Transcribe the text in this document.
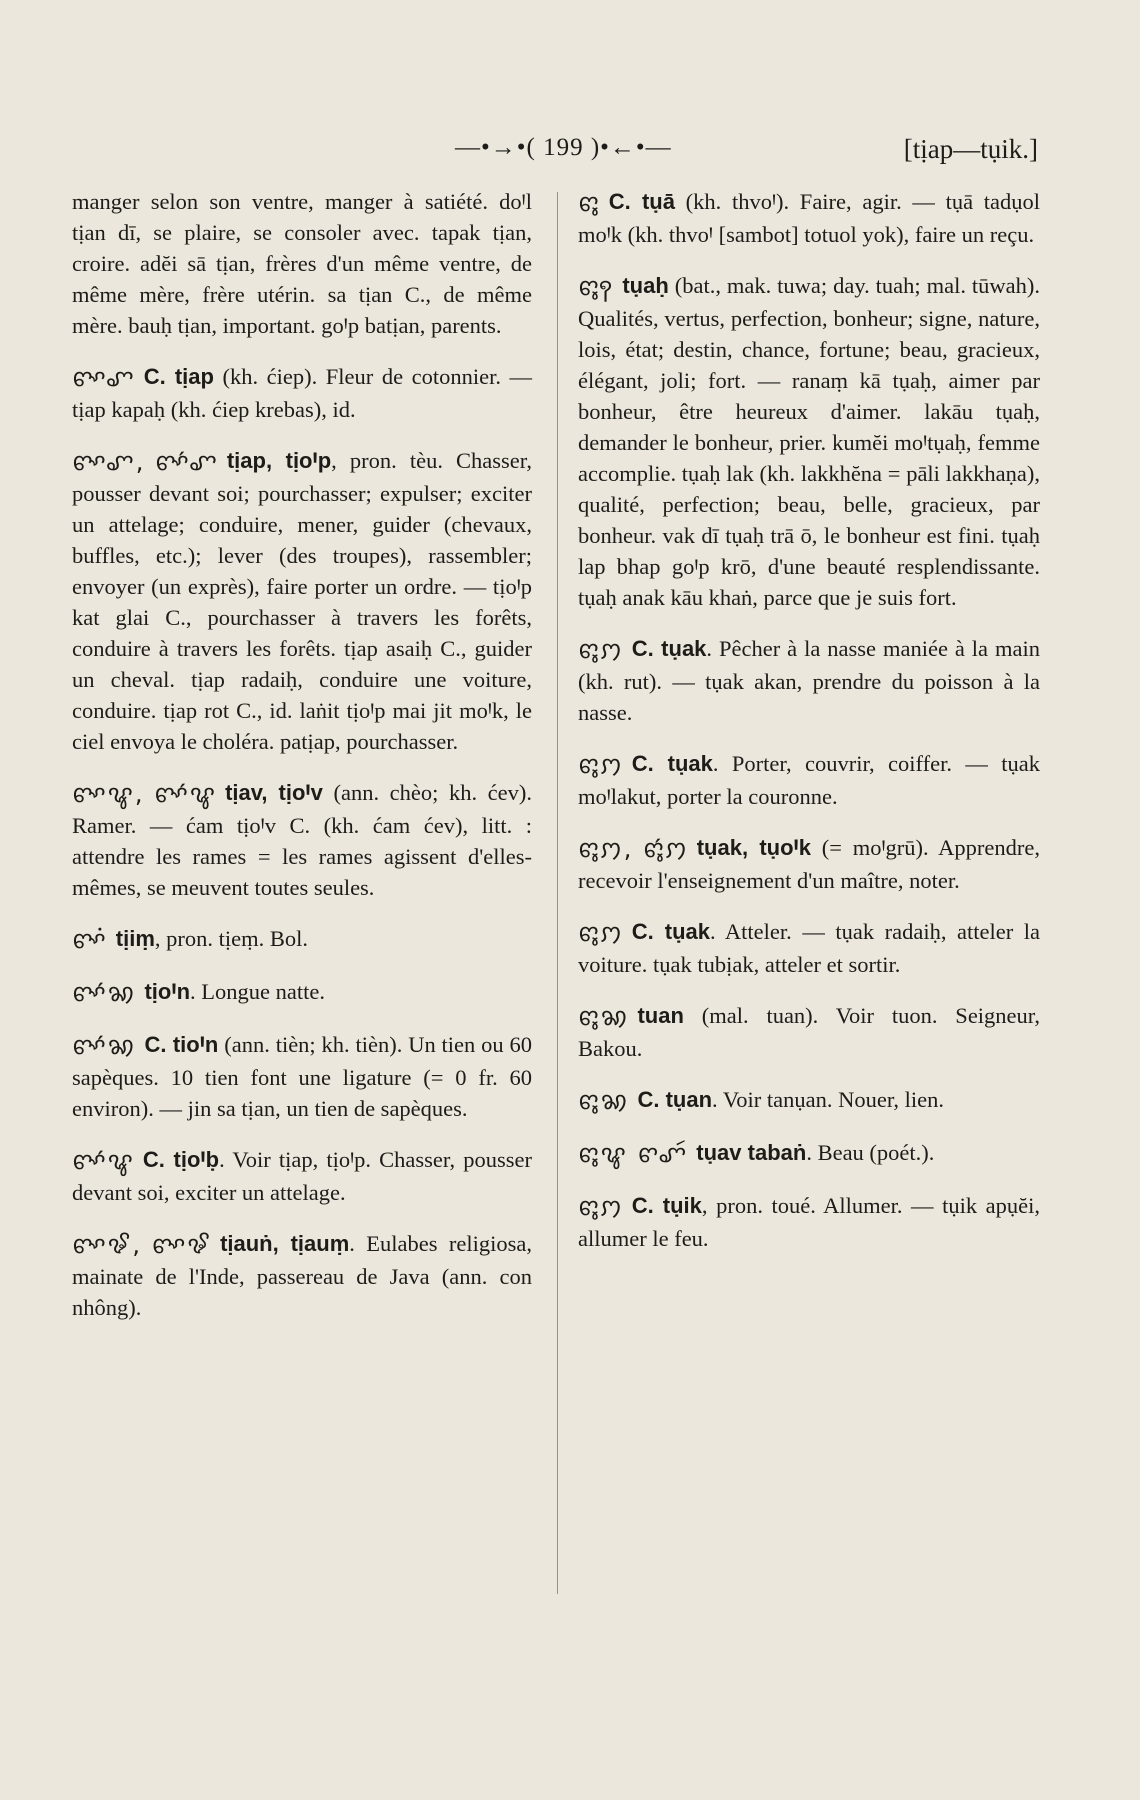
—•→•( 199 )•←•—	[tịap—tụik.]

manger selon son ventre, manger à satiété. doꞋl tịan dī, se plaire, se consoler avec. tapak tịan, croire. adĕi sā tịan, frères d'un même ventre, de même mère, frère utérin. sa tịan C., de même mère. bauḥ tịan, important. goꞋp batịan, parents.

ꨓꨳꨚ C. tịap (kh. ćiep). Fleur de cotonnier. — tịap kapaḥ (kh. ćiep krebas), id.

ꨓꨳꨚ, ꨓꨳ́ꨚ tịap, tịoꞋp, pron. tèu. Chasser, pousser devant soi; pourchasser; expulser; exciter un attelage; conduire, mener, guider (chevaux, buffles, etc.); lever (des troupes), rassembler; envoyer (un exprès), faire porter un ordre. — tịoꞋp kat glai C., pourchasser à travers les forêts, conduire à travers les forêts. tịap asaiḥ C., guider un cheval. tịap radaiḥ, conduire une voiture, conduire. tịap rot C., id. laṅit tịoꞋp mai jit moꞋk, le ciel envoya le choléra. patịap, pourchasser.

ꨓꨳꨥ, ꨓꨳ́ꨥ tịav, tịoꞋv (ann. chèo; kh. ćev). Ramer. — ćam tịoꞋv C. (kh. ćam ćev), litt. : attendre les rames = les rames agissent d'elles-mêmes, se meuvent toutes seules.

ꨓꨳꩌ tịiṃ, pron. tịeṃ. Bol.

ꨓꨳ́ꩆ tịoꞋn. Longue natte.

ꨓꨳ́ꩆ C. tioꞋn (ann. tièn; kh. tièn). Un tien ou 60 sapèques. 10 tien font une ligature (= 0 fr. 60 environ). — jin sa tịan, un tien de sapèques.

ꨓꨳ́ꨥ C. tịoꞋḅ. Voir tịap, tịoꞋp. Chasser, pousser devant soi, exciter un attelage.

ꨓꨳꨃ, ꨓꨳꨃ tịauṅ, tịauṃ. Eulabes religiosa, mainate de l'Inde, passereau de Java (ann. con nhông).

ꨓꨶ C. tụā (kh. thvoꞋ). Faire, agir. — tụā tadụol moꞋk (kh. thvoꞋ [sambot] totuol yok), faire un reçu.

ꨓꨶꩍ tụaḥ (bat., mak. tuwa; day. tuah; mal. tūwah). Qualités, vertus, perfection, bonheur; signe, nature, lois, état; destin, chance, fortune; beau, gracieux, élégant, joli; fort. — ranaṃ kā tụaḥ, aimer par bonheur, être heureux d'aimer. lakāu tụaḥ, demander le bonheur, prier. kumĕi moꞋtụaḥ, femme accomplie. tụaḥ lak (kh. lakkhĕna = pāli lakkhaṇa), qualité, perfection; beau, belle, gracieux, par bonheur. vak dī tụaḥ trā ō, le bonheur est fini. tụaḥ lap bhap goꞋp krō, d'une beauté resplendissante. tụaḥ anak kāu khaṅ, parce que je suis fort.

ꨓꨶꩀ C. tụak. Pêcher à la nasse maniée à la main (kh. rut). — tụak akan, prendre du poisson à la nasse.

ꨓꨶꩀ C. tụak. Porter, couvrir, coiffer. — tụak moꞋlakut, porter la couronne.

ꨓꨶꩀ, ꨓꨶ́ꩀ tụak, tụoꞋk (= moꞋgrū). Apprendre, recevoir l'enseignement d'un maître, noter.

ꨓꨶꩀ C. tụak. Atteler. — tụak radaiḥ, atteler la voiture. tụak tubịak, atteler et sortir.

ꨓꨶꩆ tuan (mal. tuan). Voir tuon. Seigneur, Bakou.

ꨓꨶꩆ C. tụan. Voir tanụan. Nouer, lien.

ꨓꨶꨥ ꨓꨚꩃ tụav tabaṅ. Beau (poét.).

ꨓꨶꩀ C. tụik, pron. toué. Allumer. — tụik apụĕi, allumer le feu.
